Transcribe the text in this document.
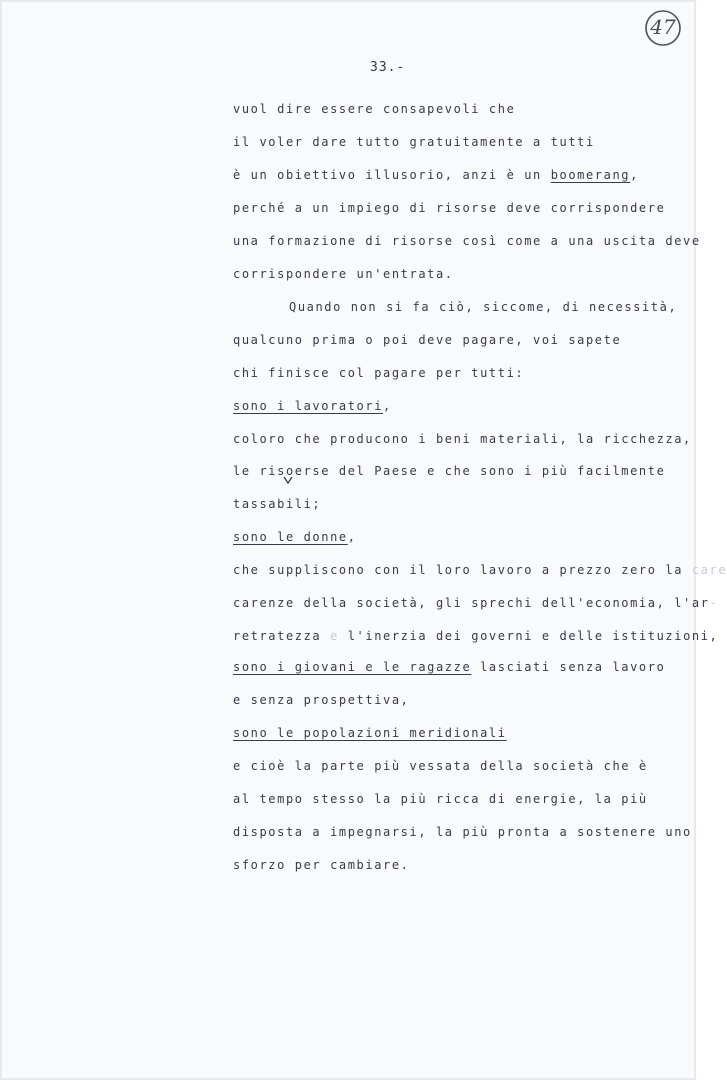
47
33.-
vuol dire essere consapevoli che
il voler dare tutto gratuitamente a tutti
è un obiettivo illusorio, anzi è un boomerang,
perché a un impiego di risorse deve corrispondere
una formazione di risorse così come a una uscita deve
corrispondere un'entrata.
Quando non si fa ciò, siccome, di necessità,
qualcuno prima o poi deve pagare, voi sapete
chi finisce col pagare per tutti:
sono i lavoratori,
coloro che producono i beni materiali, la ricchezza,
le risoerse del Paese e che sono i più facilmente
tassabili;
sono le donne,
che suppliscono con il loro lavoro a prezzo zero la care
carenze della società, gli sprechi dell'economia, l'ar-
retratezza e l'inerzia dei governi e delle istituzioni,
sono i giovani e le ragazze lasciati senza lavoro
e senza prospettiva,
sono le popolazioni meridionali
e cioè la parte più vessata della società che è
al tempo stesso la più ricca di energie, la più
disposta a impegnarsi, la più pronta a sostenere uno
sforzo per cambiare.
